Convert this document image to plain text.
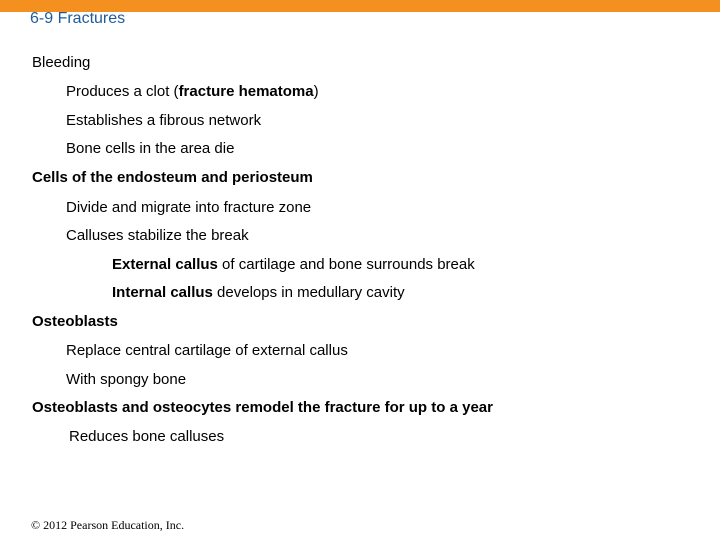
6-9 Fractures
Bleeding
Produces a clot (fracture hematoma)
Establishes a fibrous network
Bone cells in the area die
Cells of the endosteum and periosteum
Divide and migrate into fracture zone
Calluses stabilize the break
External callus of cartilage and bone surrounds break
Internal callus develops in medullary cavity
Osteoblasts
Replace central cartilage of external callus
With spongy bone
Osteoblasts and osteocytes remodel the fracture for up to a year
Reduces bone calluses
© 2012 Pearson Education, Inc.
